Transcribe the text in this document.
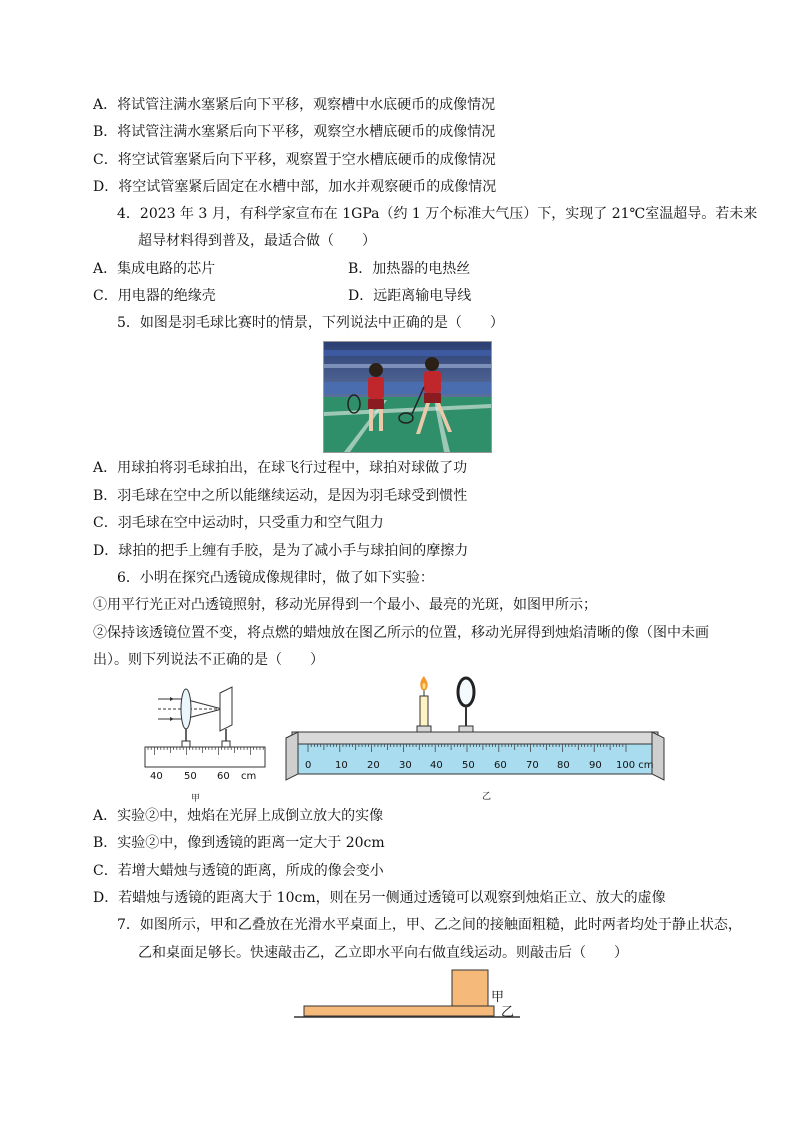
A．将试管注满水塞紧后向下平移，观察槽中水底硬币的成像情况
B．将试管注满水塞紧后向下平移，观察空水槽底硬币的成像情况
C．将空试管塞紧后向下平移，观察置于空水槽底硬币的成像情况
D．将空试管塞紧后固定在水槽中部，加水并观察硬币的成像情况
4．2023 年 3 月，有科学家宣布在 1GPa（约 1 万个标准大气压）下，实现了 21℃室温超导。若未来
超导材料得到普及，最适合做（　　）
A．集成电路的芯片	B．加热器的电热丝
C．用电器的绝缘壳	D．远距离输电导线
5．如图是羽毛球比赛时的情景，下列说法中正确的是（　　）
A．用球拍将羽毛球拍出，在球飞行过程中，球拍对球做了功
B．羽毛球在空中之所以能继续运动，是因为羽毛球受到惯性
C．羽毛球在空中运动时，只受重力和空气阻力
D．球拍的把手上缠有手胶，是为了减小手与球拍间的摩擦力
6．小明在探究凸透镜成像规律时，做了如下实验：
①用平行光正对凸透镜照射，移动光屏得到一个最小、最亮的光斑，如图甲所示；
②保持该透镜位置不变，将点燃的蜡烛放在图乙所示的位置，移动光屏得到烛焰清晰的像（图中未画
出）。则下列说法不正确的是（　　）
40 50 60 cm
甲
0 10 20 30 40 50 60 70 80 90 100 cm
乙
A．实验②中，烛焰在光屏上成倒立放大的实像
B．实验②中，像到透镜的距离一定大于 20cm
C．若增大蜡烛与透镜的距离，所成的像会变小
D．若蜡烛与透镜的距离大于 10cm，则在另一侧通过透镜可以观察到烛焰正立、放大的虚像
7．如图所示，甲和乙叠放在光滑水平桌面上，甲、乙之间的接触面粗糙，此时两者均处于静止状态，
乙和桌面足够长。快速敲击乙，乙立即水平向右做直线运动。则敲击后（　　）
甲
乙
